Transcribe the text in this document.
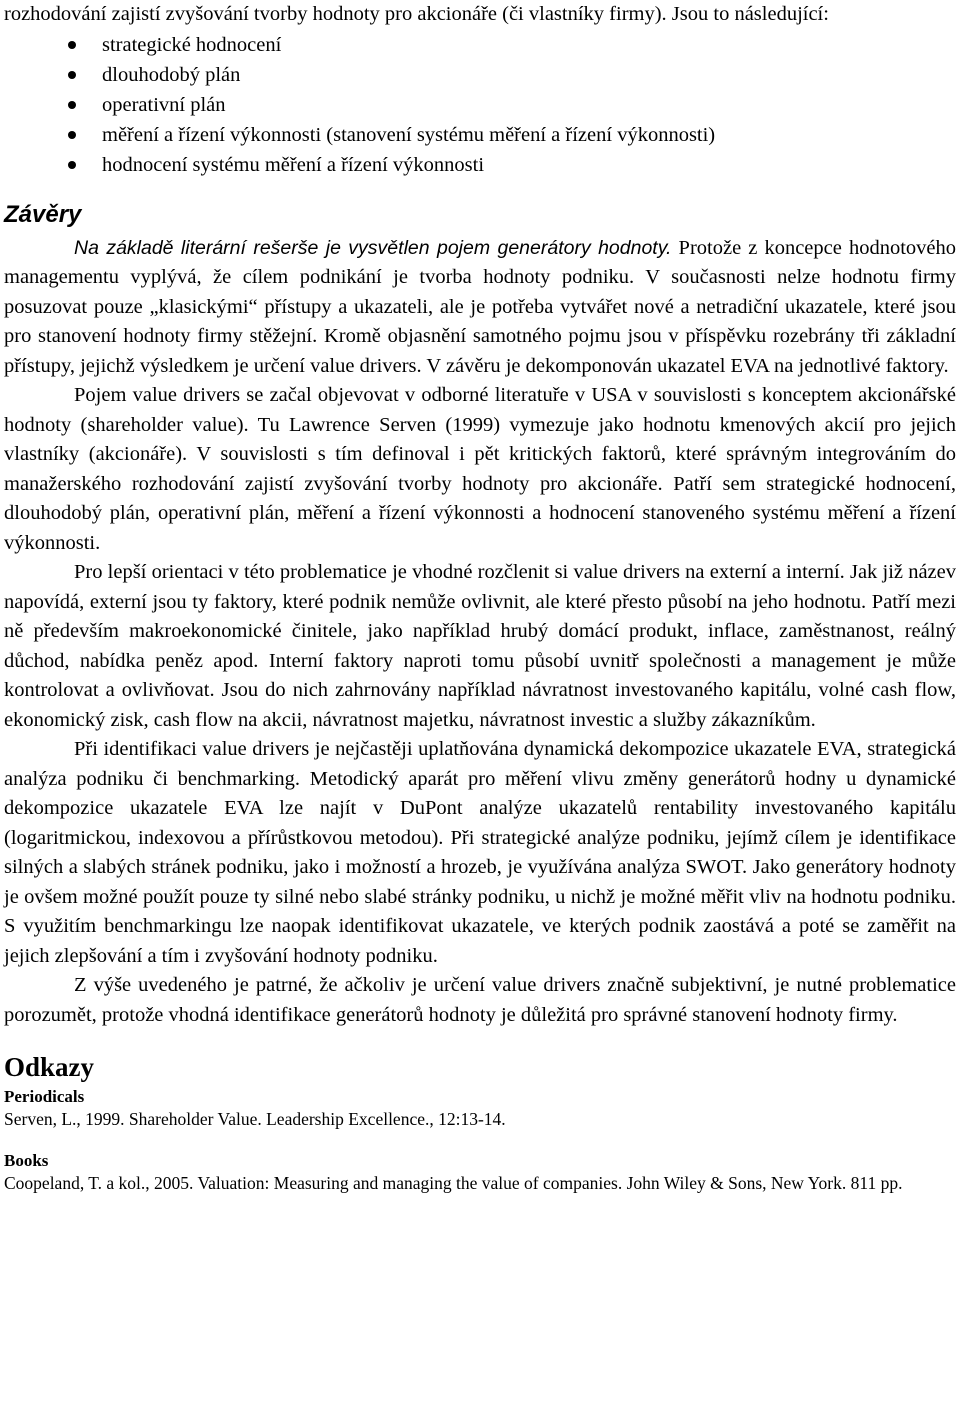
rozhodování zajistí zvyšování tvorby hodnoty pro akcionáře (či vlastníky firmy). Jsou to následující:

strategické hodnocení
dlouhodobý plán
operativní plán
měření a řízení výkonnosti (stanovení systému měření a řízení výkonnosti)
hodnocení systému měření a řízení výkonnosti
Závěry

Na základě literární rešerše je vysvětlen pojem generátory hodnoty. Protože z koncepce hodnotového managementu vyplývá, že cílem podnikání je tvorba hodnoty podniku. V současnosti nelze hodnotu firmy posuzovat pouze „klasickými“ přístupy a ukazateli, ale je potřeba vytvářet nové a netradiční ukazatele, které jsou pro stanovení hodnoty firmy stěžejní. Kromě objasnění samotného pojmu jsou v příspěvku rozebrány tři základní přístupy, jejichž výsledkem je určení value drivers. V závěru je dekomponován ukazatel EVA na jednotlivé faktory.

Pojem value drivers se začal objevovat v odborné literatuře v USA v souvislosti s konceptem akcionářské hodnoty (shareholder value). Tu Lawrence Serven (1999) vymezuje jako hodnotu kmenových akcií pro jejich vlastníky (akcionáře). V souvislosti s tím definoval i pět kritických faktorů, které správným integrováním do manažerského rozhodování zajistí zvyšování tvorby hodnoty pro akcionáře. Patří sem strategické hodnocení, dlouhodobý plán, operativní plán, měření a řízení výkonnosti a hodnocení stanoveného systému měření a řízení výkonnosti.

Pro lepší orientaci v této problematice je vhodné rozčlenit si value drivers na externí a interní. Jak již název napovídá, externí jsou ty faktory, které podnik nemůže ovlivnit, ale které přesto působí na jeho hodnotu. Patří mezi ně především makroekonomické činitele, jako například hrubý domácí produkt, inflace, zaměstnanost, reálný důchod, nabídka peněz apod. Interní faktory naproti tomu působí uvnitř společnosti a management je může kontrolovat a ovlivňovat. Jsou do nich zahrnovány například návratnost investovaného kapitálu, volné cash flow, ekonomický zisk, cash flow na akcii, návratnost majetku, návratnost investic a služby zákazníkům.

Při identifikaci value drivers je nejčastěji uplatňována dynamická dekompozice ukazatele EVA, strategická analýza podniku či benchmarking. Metodický aparát pro měření vlivu změny generátorů hodny u dynamické dekompozice ukazatele EVA lze najít v DuPont analýze ukazatelů rentability investovaného kapitálu (logaritmickou, indexovou a přírůstkovou metodou). Při strategické analýze podniku, jejímž cílem je identifikace silných a slabých stránek podniku, jako i možností a hrozeb, je využívána analýza SWOT. Jako generátory hodnoty je ovšem možné použít pouze ty silné nebo slabé stránky podniku, u nichž je možné měřit vliv na hodnotu podniku. S využitím benchmarkingu lze naopak identifikovat ukazatele, ve kterých podnik zaostává a poté se zaměřit na jejich zlepšování a tím i zvyšování hodnoty podniku.

Z výše uvedeného je patrné, že ačkoliv je určení value drivers značně subjektivní, je nutné problematice porozumět, protože vhodná identifikace generátorů hodnoty je důležitá pro správné stanovení hodnoty firmy.

Odkazy
Periodicals

Serven, L., 1999. Shareholder Value. Leadership Excellence., 12:13-14.

Books

Coopeland, T. a kol., 2005. Valuation: Measuring and managing the value of companies. John Wiley & Sons, New York. 811 pp.
